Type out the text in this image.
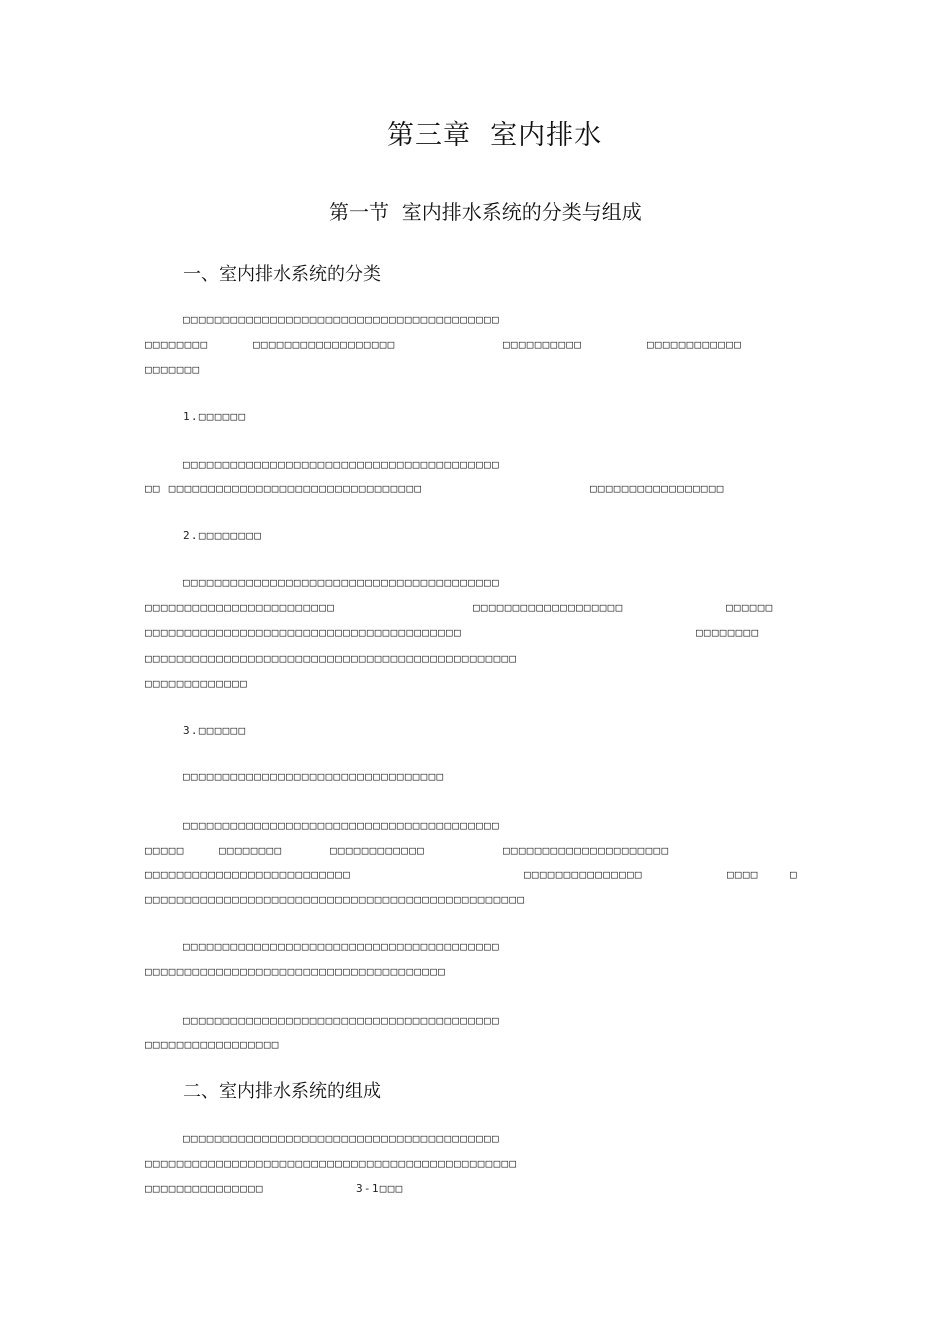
第三章  室内排水
第一节  室内排水系统的分类与组成
一、室内排水系统的分类
二、室内排水系统的组成
□□□□□□□□□□□□□□□□□□□□□□□□□□□□□□□□□□□□□□□□
□□□□□□□□	□□□□□□□□□□□□□□□□□□	□□□□□□□□□□	□□□□□□□□□□□□
□□□□□□□
1.□□□□□□
□□□□□□□□□□□□□□□□□□□□□□□□□□□□□□□□□□□□□□□□
□□ □□□□□□□□□□□□□□□□□□□□□□□□□□□□□□□□	□□□□□□□□□□□□□□□□□
2.□□□□□□□□
□□□□□□□□□□□□□□□□□□□□□□□□□□□□□□□□□□□□□□□□
□□□□□□□□□□□□□□□□□□□□□□□□	□□□□□□□□□□□□□□□□□□□	□□□□□□
□□□□□□□□□□□□□□□□□□□□□□□□□□□□□□□□□□□□□□□□	□□□□□□□□
□□□□□□□□□□□□□□□□□□□□□□□□□□□□□□□□□□□□□□□□□□□□□□□
□□□□□□□□□□□□□
3.□□□□□□
□□□□□□□□□□□□□□□□□□□□□□□□□□□□□□□□□
□□□□□□□□□□□□□□□□□□□□□□□□□□□□□□□□□□□□□□□□
□□□□□	□□□□□□□□	□□□□□□□□□□□□	□□□□□□□□□□□□□□□□□□□□□
□□□□□□□□□□□□□□□□□□□□□□□□□□	□□□□□□□□□□□□□□□	□□□□	□
□□□□□□□□□□□□□□□□□□□□□□□□□□□□□□□□□□□□□□□□□□□□□□□□
□□□□□□□□□□□□□□□□□□□□□□□□□□□□□□□□□□□□□□□□
□□□□□□□□□□□□□□□□□□□□□□□□□□□□□□□□□□□□□□
□□□□□□□□□□□□□□□□□□□□□□□□□□□□□□□□□□□□□□□□
□□□□□□□□□□□□□□□□□
□□□□□□□□□□□□□□□□□□□□□□□□□□□□□□□□□□□□□□□□
□□□□□□□□□□□□□□□□□□□□□□□□□□□□□□□□□□□□□□□□□□□□□□□
□□□□□□□□□□□□□□□	3-1□□□
